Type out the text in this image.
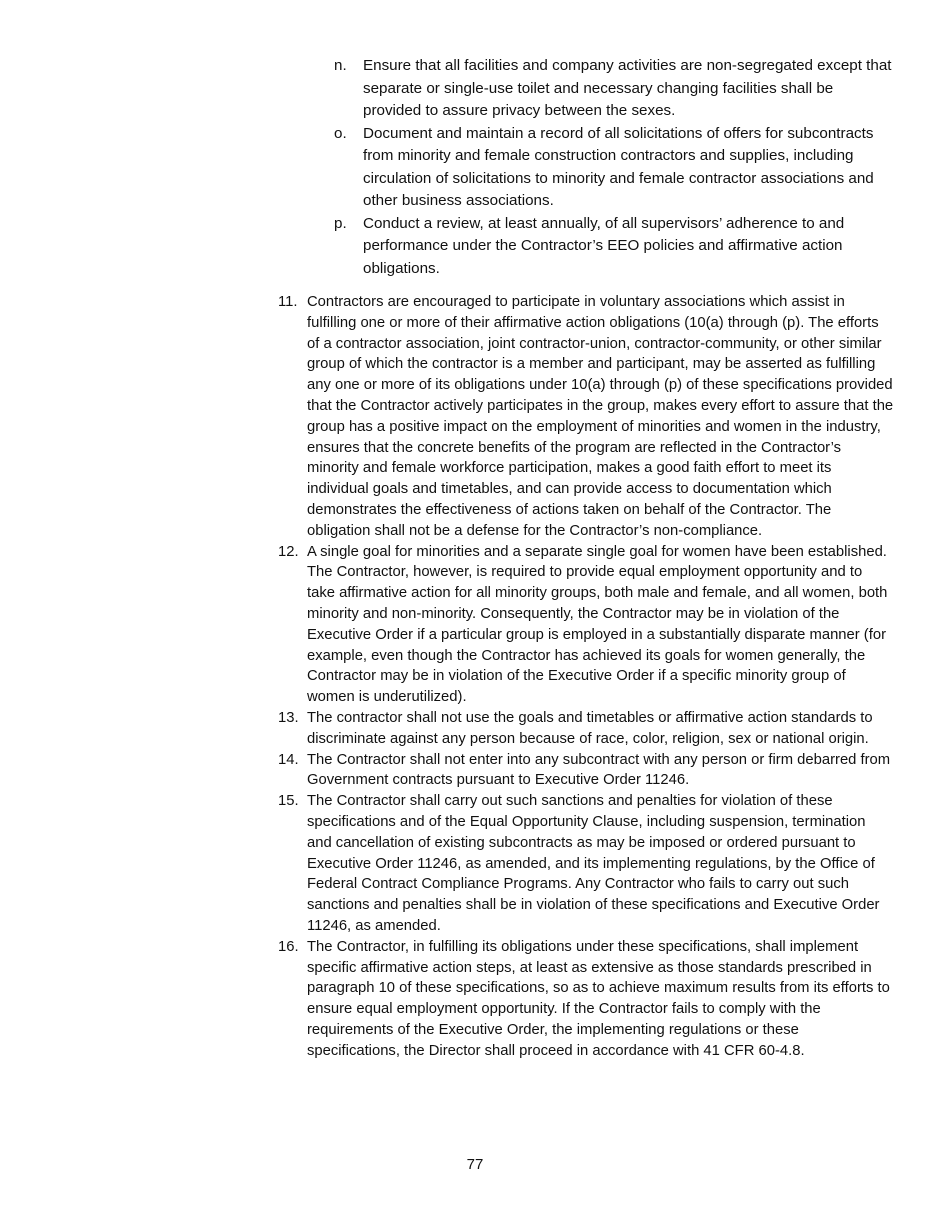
n.	Ensure that all facilities and company activities are non-segregated except that separate or single-use toilet and necessary changing facilities shall be provided to assure privacy between the sexes.
o.	Document and maintain a record of all solicitations of offers for subcontracts from minority and female construction contractors and supplies, including circulation of solicitations to minority and female contractor associations and other business associations.
p.	Conduct a review, at least annually, of all supervisors’ adherence to and performance under the Contractor’s EEO policies and affirmative action obligations.
11. Contractors are encouraged to participate in voluntary associations which assist in fulfilling one or more of their affirmative action obligations (10(a) through (p). The efforts of a contractor association, joint contractor-union, contractor-community, or other similar group of which the contractor is a member and participant, may be asserted as fulfilling any one or more of its obligations under 10(a) through (p) of these specifications provided that the Contractor actively participates in the group, makes every effort to assure that the group has a positive impact on the employment of minorities and women in the industry, ensures that the concrete benefits of the program are reflected in the Contractor’s minority and female workforce participation, makes a good faith effort to meet its individual goals and timetables, and can provide access to documentation which demonstrates the effectiveness of actions taken on behalf of the Contractor. The obligation shall not be a defense for the Contractor’s non-compliance.
12. A single goal for minorities and a separate single goal for women have been established. The Contractor, however, is required to provide equal employment opportunity and to take affirmative action for all minority groups, both male and female, and all women, both minority and non-minority. Consequently, the Contractor may be in violation of the Executive Order if a particular group is employed in a substantially disparate manner (for example, even though the Contractor has achieved its goals for women generally, the Contractor may be in violation of the Executive Order if a specific minority group of women is underutilized).
13. The contractor shall not use the goals and timetables or affirmative action standards to discriminate against any person because of race, color, religion, sex or national origin.
14. The Contractor shall not enter into any subcontract with any person or firm debarred from Government contracts pursuant to Executive Order 11246.
15. The Contractor shall carry out such sanctions and penalties for violation of these specifications and of the Equal Opportunity Clause, including suspension, termination and cancellation of existing subcontracts as may be imposed or ordered pursuant to Executive Order 11246, as amended, and its implementing regulations, by the Office of Federal Contract Compliance Programs. Any Contractor who fails to carry out such sanctions and penalties shall be in violation of these specifications and Executive Order 11246, as amended.
16. The Contractor, in fulfilling its obligations under these specifications, shall implement specific affirmative action steps, at least as extensive as those standards prescribed in paragraph 10 of these specifications, so as to achieve maximum results from its efforts to ensure equal employment opportunity. If the Contractor fails to comply with the requirements of the Executive Order, the implementing regulations or these specifications, the Director shall proceed in accordance with 41 CFR 60-4.8.
77
